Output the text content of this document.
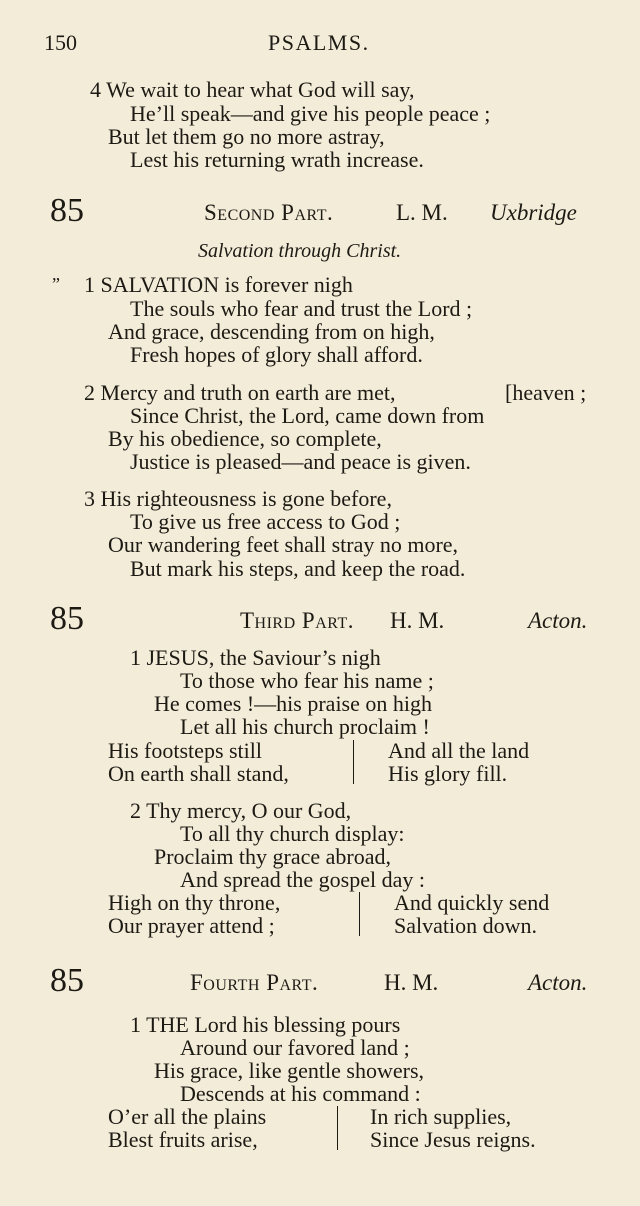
150	PSALMS.
4 We wait to hear what God will say,
He’ll speak—and give his people peace ;
But let them go no more astray,
Lest his returning wrath increase.
85	Second Part.	L. M. Uxbridge
Salvation through Christ.
” 1 SALVATION is forever nigh
The souls who fear and trust the Lord ;
And grace, descending from on high,
Fresh hopes of glory shall afford.
2 Mercy and truth on earth are met,	[heaven ;
Since Christ, the Lord, came down from
By his obedience, so complete,
Justice is pleased—and peace is given.
3 His righteousness is gone before,
To give us free access to God ;
Our wandering feet shall stray no more,
But mark his steps, and keep the road.
85	Third Part. H. M.	Acton.
1 JESUS, the Saviour’s nigh
To those who fear his name ;
He comes !—his praise on high
Let all his church proclaim !
His footsteps still
On earth shall stand,
And all the land
His glory fill.
2 Thy mercy, O our God,
To all thy church display:
Proclaim thy grace abroad,
And spread the gospel day :
High on thy throne,
Our prayer attend ;
And quickly send
Salvation down.
85	Fourth Part.	H. M.	Acton.
1 THE Lord his blessing pours
Around our favored land ;
His grace, like gentle showers,
Descends at his command :
O’er all the plains
Blest fruits arise,
In rich supplies,
Since Jesus reigns.
